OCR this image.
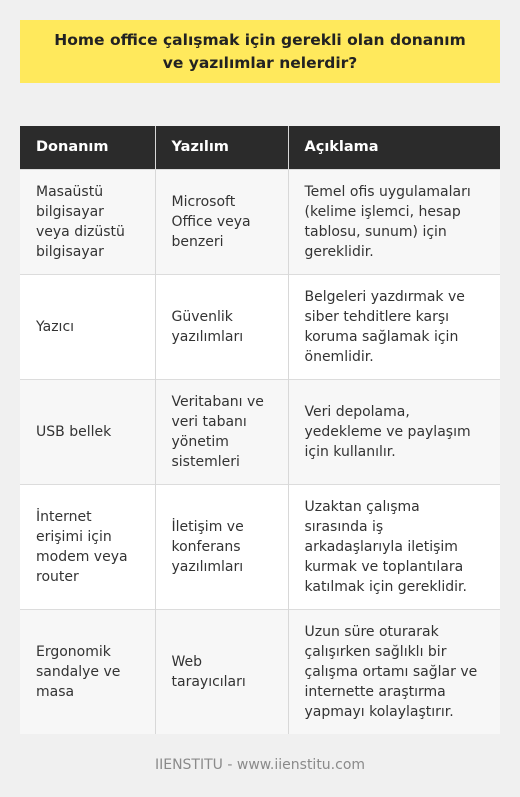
Home office çalışmak için gerekli olan donanım ve yazılımlar nelerdir?
Donanım	Yazılım	Açıklama
Masaüstü bilgisayar veya dizüstü bilgisayar	Microsoft Office veya benzeri	Temel ofis uygulamaları (kelime işlemci, hesap tablosu, sunum) için gereklidir.
Yazıcı	Güvenlik yazılımları	Belgeleri yazdırmak ve siber tehditlere karşı koruma sağlamak için önemlidir.
USB bellek	Veritabanı ve veri tabanı yönetim sistemleri	Veri depolama, yedekleme ve paylaşım için kullanılır.
İnternet erişimi için modem veya router	İletişim ve konferans yazılımları	Uzaktan çalışma sırasında iş arkadaşlarıyla iletişim kurmak ve toplantılara katılmak için gereklidir.
Ergonomik sandalye ve masa	Web tarayıcıları	Uzun süre oturarak çalışırken sağlıklı bir çalışma ortamı sağlar ve internette araştırma yapmayı kolaylaştırır.
IIENSTITU - www.iienstitu.com
